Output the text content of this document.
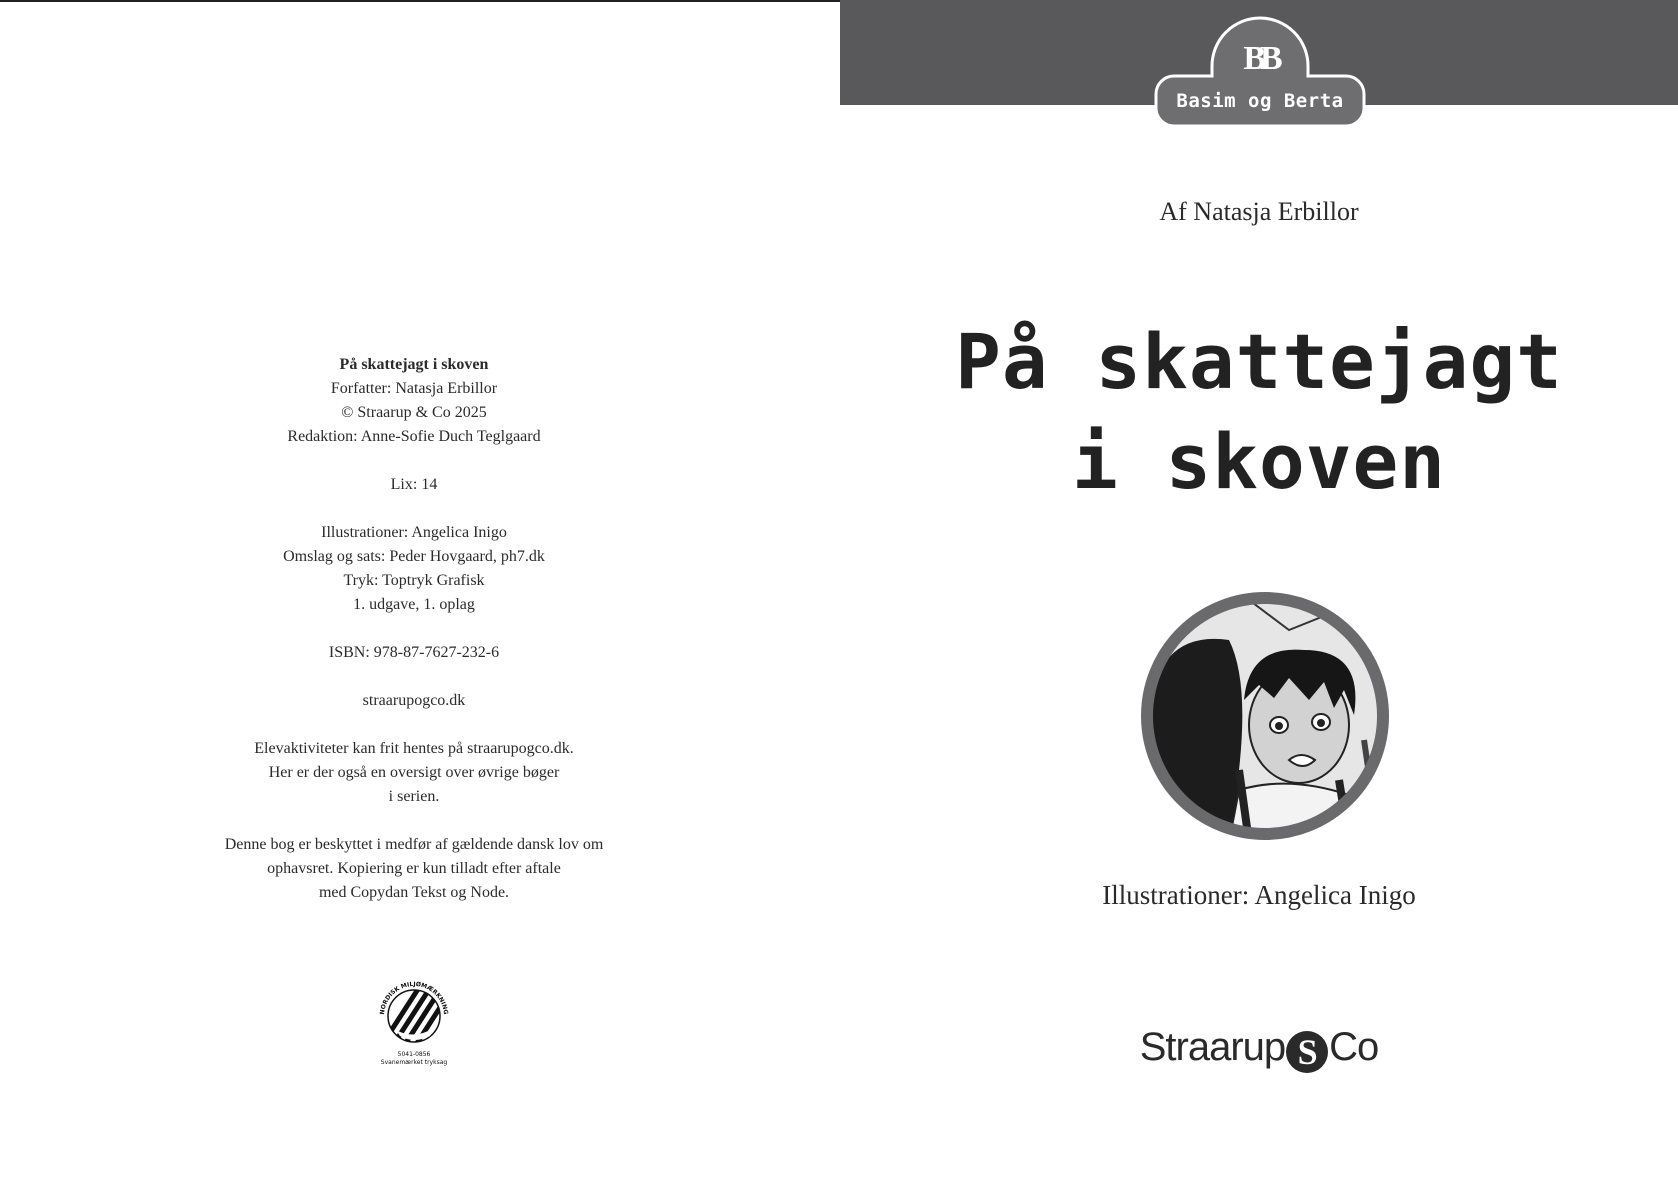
På skattejagt i skoven
Forfatter: Natasja Erbillor
© Straarup & Co 2025
Redaktion: Anne-Sofie Duch Teglgaard

Lix: 14

Illustrationer: Angelica Inigo
Omslag og sats: Peder Hovgaard, ph7.dk
Tryk: Toptryk Grafisk
1. udgave, 1. oplag

ISBN: 978-87-7627-232-6

straarupogco.dk

Elevaktiviteter kan frit hentes på straarupogco.dk.
Her er der også en oversigt over øvrige bøger
i serien.

Denne bog er beskyttet i medfør af gældende dansk lov om
ophavsret. Kopiering er kun tilladt efter aftale
med Copydan Tekst og Node.

NORDISK MILJØMÆRKNING
5041-0856
Svanemærket tryksag
BB
Basim og Berta
Af Natasja Erbillor
På skattejagt
i skoven
Illustrationer: Angelica Inigo
Straarup S Co
